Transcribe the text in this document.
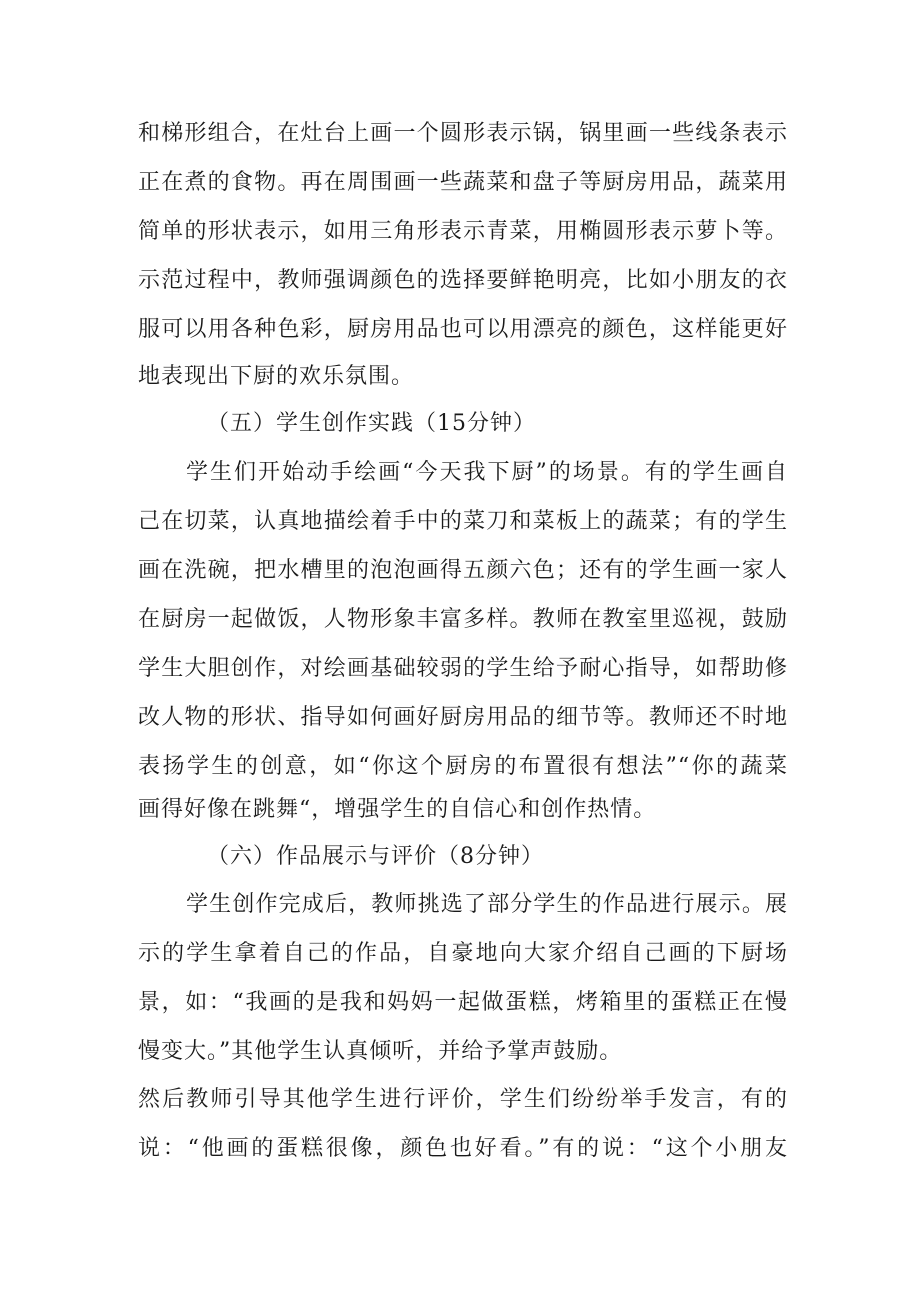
和梯形组合，在灶台上画一个圆形表示锅，锅里画一些线条表示
正在煮的食物。再在周围画一些蔬菜和盘子等厨房用品，蔬菜用
简单的形状表示，如用三角形表示青菜，用椭圆形表示萝卜等。
示范过程中，教师强调颜色的选择要鲜艳明亮，比如小朋友的衣
服可以用各种色彩，厨房用品也可以用漂亮的颜色，这样能更好
地表现出下厨的欢乐氛围。
（五）学生创作实践（15分钟）
学生们开始动手绘画“今天我下厨”的场景。有的学生画自
己在切菜，认真地描绘着手中的菜刀和菜板上的蔬菜；有的学生
画在洗碗，把水槽里的泡泡画得五颜六色；还有的学生画一家人
在厨房一起做饭，人物形象丰富多样。教师在教室里巡视，鼓励
学生大胆创作，对绘画基础较弱的学生给予耐心指导，如帮助修
改人物的形状、指导如何画好厨房用品的细节等。教师还不时地
表扬学生的创意，如“你这个厨房的布置很有想法”“你的蔬菜
画得好像在跳舞“，增强学生的自信心和创作热情。
（六）作品展示与评价（8分钟）
学生创作完成后，教师挑选了部分学生的作品进行展示。展
示的学生拿着自己的作品，自豪地向大家介绍自己画的下厨场
景，如：“我画的是我和妈妈一起做蛋糕，烤箱里的蛋糕正在慢
慢变大。”其他学生认真倾听，并给予掌声鼓励。
然后教师引导其他学生进行评价，学生们纷纷举手发言，有的
说：“他画的蛋糕很像，颜色也好看。”有的说：“这个小朋友
